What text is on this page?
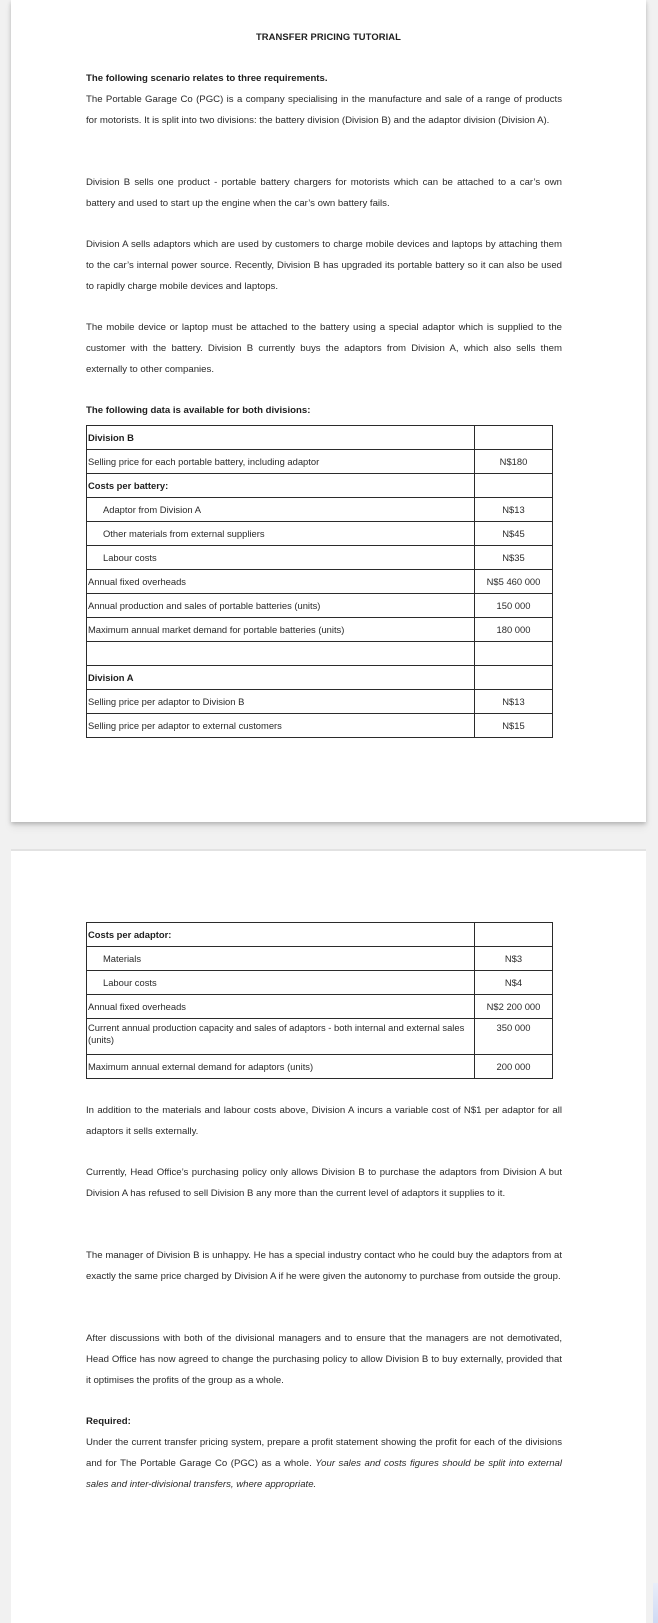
TRANSFER PRICING TUTORIAL

The following scenario relates to three requirements.

The Portable Garage Co (PGC) is a company specialising in the manufacture and sale of a range of products for motorists. It is split into two divisions: the battery division (Division B) and the adaptor division (Division A).

Division B sells one product - portable battery chargers for motorists which can be attached to a car’s own battery and used to start up the engine when the car’s own battery fails.

Division A sells adaptors which are used by customers to charge mobile devices and laptops by attaching them to the car’s internal power source. Recently, Division B has upgraded its portable battery so it can also be used to rapidly charge mobile devices and laptops.

The mobile device or laptop must be attached to the battery using a special adaptor which is supplied to the customer with the battery. Division B currently buys the adaptors from Division A, which also sells them externally to other companies.

The following data is available for both divisions:

Division B	
Selling price for each portable battery, including adaptor	N$180
Costs per battery:	
Adaptor from Division A	N$13
Other materials from external suppliers	N$45
Labour costs	N$35
Annual fixed overheads	N$5 460 000
Annual production and sales of portable batteries (units)	150 000
Maximum annual market demand for portable batteries (units)	180 000

Division A	
Selling price per adaptor to Division B	N$13
Selling price per adaptor to external customers	N$15
Costs per adaptor:	
Materials	N$3
Labour costs	N$4
Annual fixed overheads	N$2 200 000
Current annual production capacity and sales of adaptors - both internal and external sales (units)	350 000
Maximum annual external demand for adaptors (units)	200 000

In addition to the materials and labour costs above, Division A incurs a variable cost of N$1 per adaptor for all adaptors it sells externally.

Currently, Head Office’s purchasing policy only allows Division B to purchase the adaptors from Division A but Division A has refused to sell Division B any more than the current level of adaptors it supplies to it.

The manager of Division B is unhappy. He has a special industry contact who he could buy the adaptors from at exactly the same price charged by Division A if he were given the autonomy to purchase from outside the group.

After discussions with both of the divisional managers and to ensure that the managers are not demotivated, Head Office has now agreed to change the purchasing policy to allow Division B to buy externally, provided that it optimises the profits of the group as a whole.

Required:

Under the current transfer pricing system, prepare a profit statement showing the profit for each of the divisions and for The Portable Garage Co (PGC) as a whole. Your sales and costs figures should be split into external sales and inter-divisional transfers, where appropriate.
